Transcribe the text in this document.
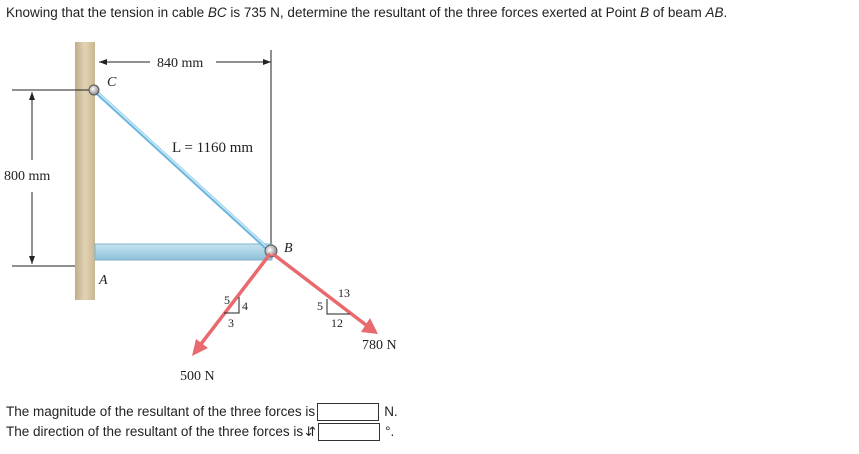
Knowing that the tension in cable BC is 735 N, determine the resultant of the three forces exerted at Point B of beam AB.
800 mm
840 mm
C
A
B
L = 1160 mm
500 N
5 4
3
780 N
13
5
12
The magnitude of the resultant of the three forces is	N.
The direction of the resultant of the three forces is ⇵	°.
